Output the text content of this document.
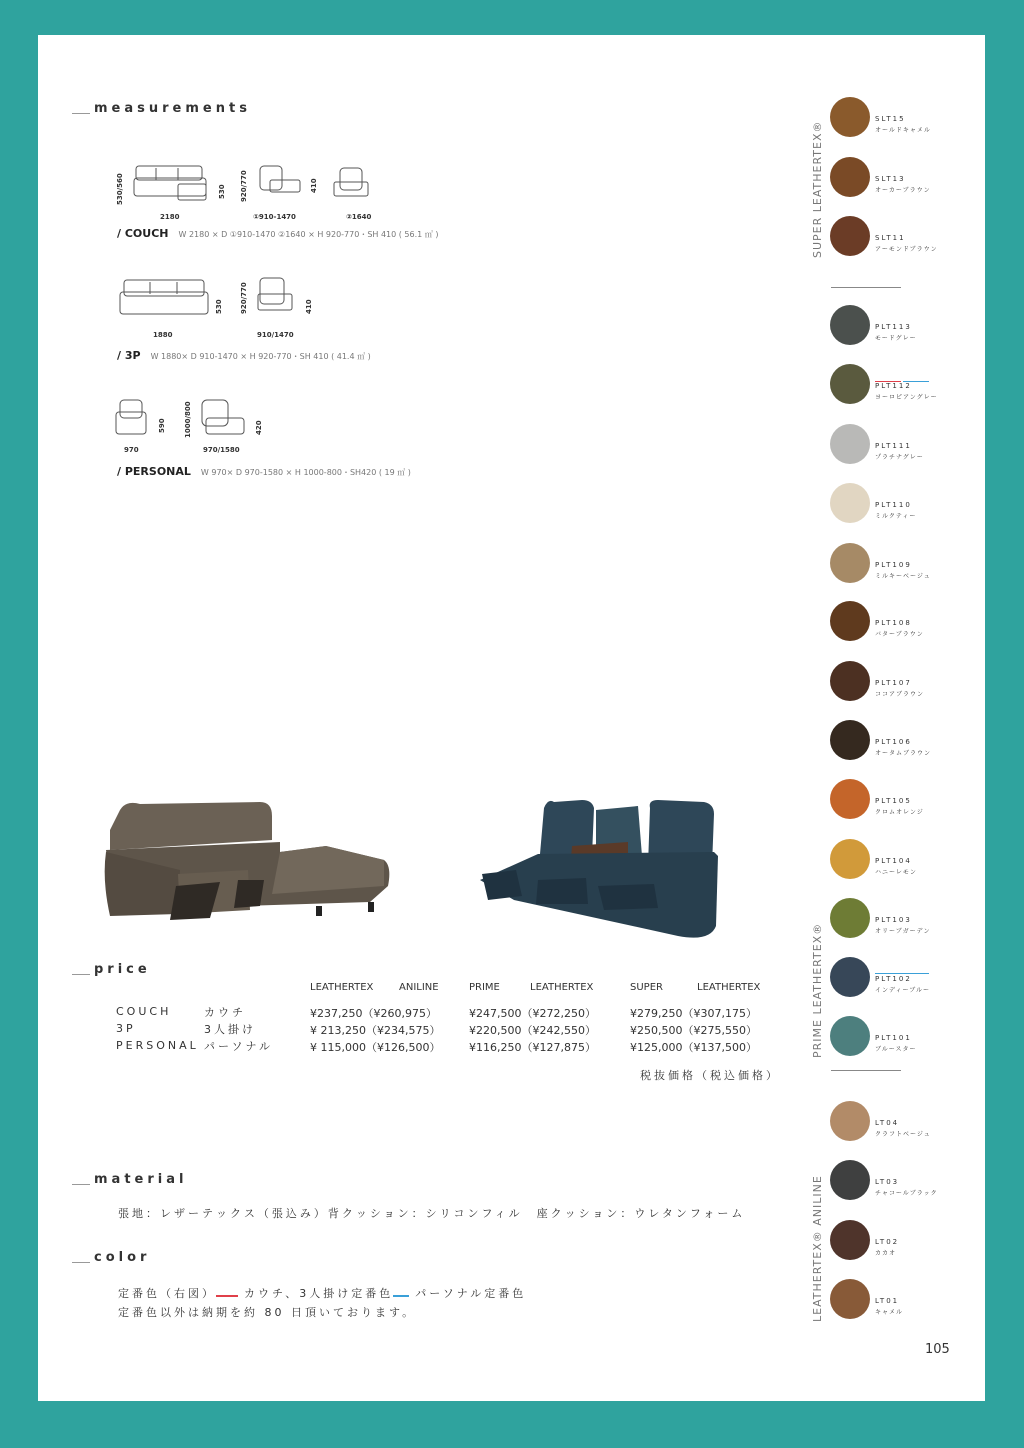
measurements
530/560
2180
530 920/770
①910-1470
410
②1640
/ COUCH W 2180 × D ①910-1470 ②1640 × H 920-770・SH 410 ( 56.1 ㎥ )
1880
530 920/770
910/1470
410
/ 3P W 1880× D 910-1470 × H 920-770・SH 410 ( 41.4 ㎥ )
970
590	1000/800
970/1580
420
/ PERSONAL W 970× D 970-1580 × H 1000-800・SH420 ( 19 ㎥ )
price
LEATHERTEX	ANILINE	PRIME	LEATHERTEX	SUPER	LEATHERTEX
COUCH	カウチ	¥237,250（¥260,975）	¥247,500（¥272,250）	¥279,250（¥307,175）
3P	3人掛け	¥ 213,250（¥234,575）	¥220,500（¥242,550）	¥250,500（¥275,550）
PERSONAL パーソナル	¥ 115,000（¥126,500）	¥116,250（¥127,875）	¥125,000（¥137,500）
税抜価格（税込価格）
material
張地：レザーテックス（張込み）背クッション：シリコンフィル　座クッション：ウレタンフォーム
color
定番色（右図）	カウチ、3人掛け定番色 パーソナル定番色
定番色以外は納期を約 80 日頂いております。
SUPER LEATHERTEX®
PRIME LEATHERTEX®
LEATHERTEX® ANILINE
SLT15
オールドキャメル
SLT13
オーカーブラウン
SLT11
アーモンドブラウン
PLT113
モードグレー
PLT112
ヨーロピアングレー
PLT111
プラチナグレー
PLT110
ミルクティー
PLT109
ミルキーベージュ
PLT108
バターブラウン
PLT107
ココアブラウン
PLT106
オータムブラウン
PLT105
クロムオレンジ
PLT104
ハニーレモン
PLT103
オリーブガーデン
PLT102
インディーブルー
PLT101
ブルースター
LT04
クラフトベージュ
LT03
チャコールブラック
LT02
カカオ
LT01
キャメル
105
